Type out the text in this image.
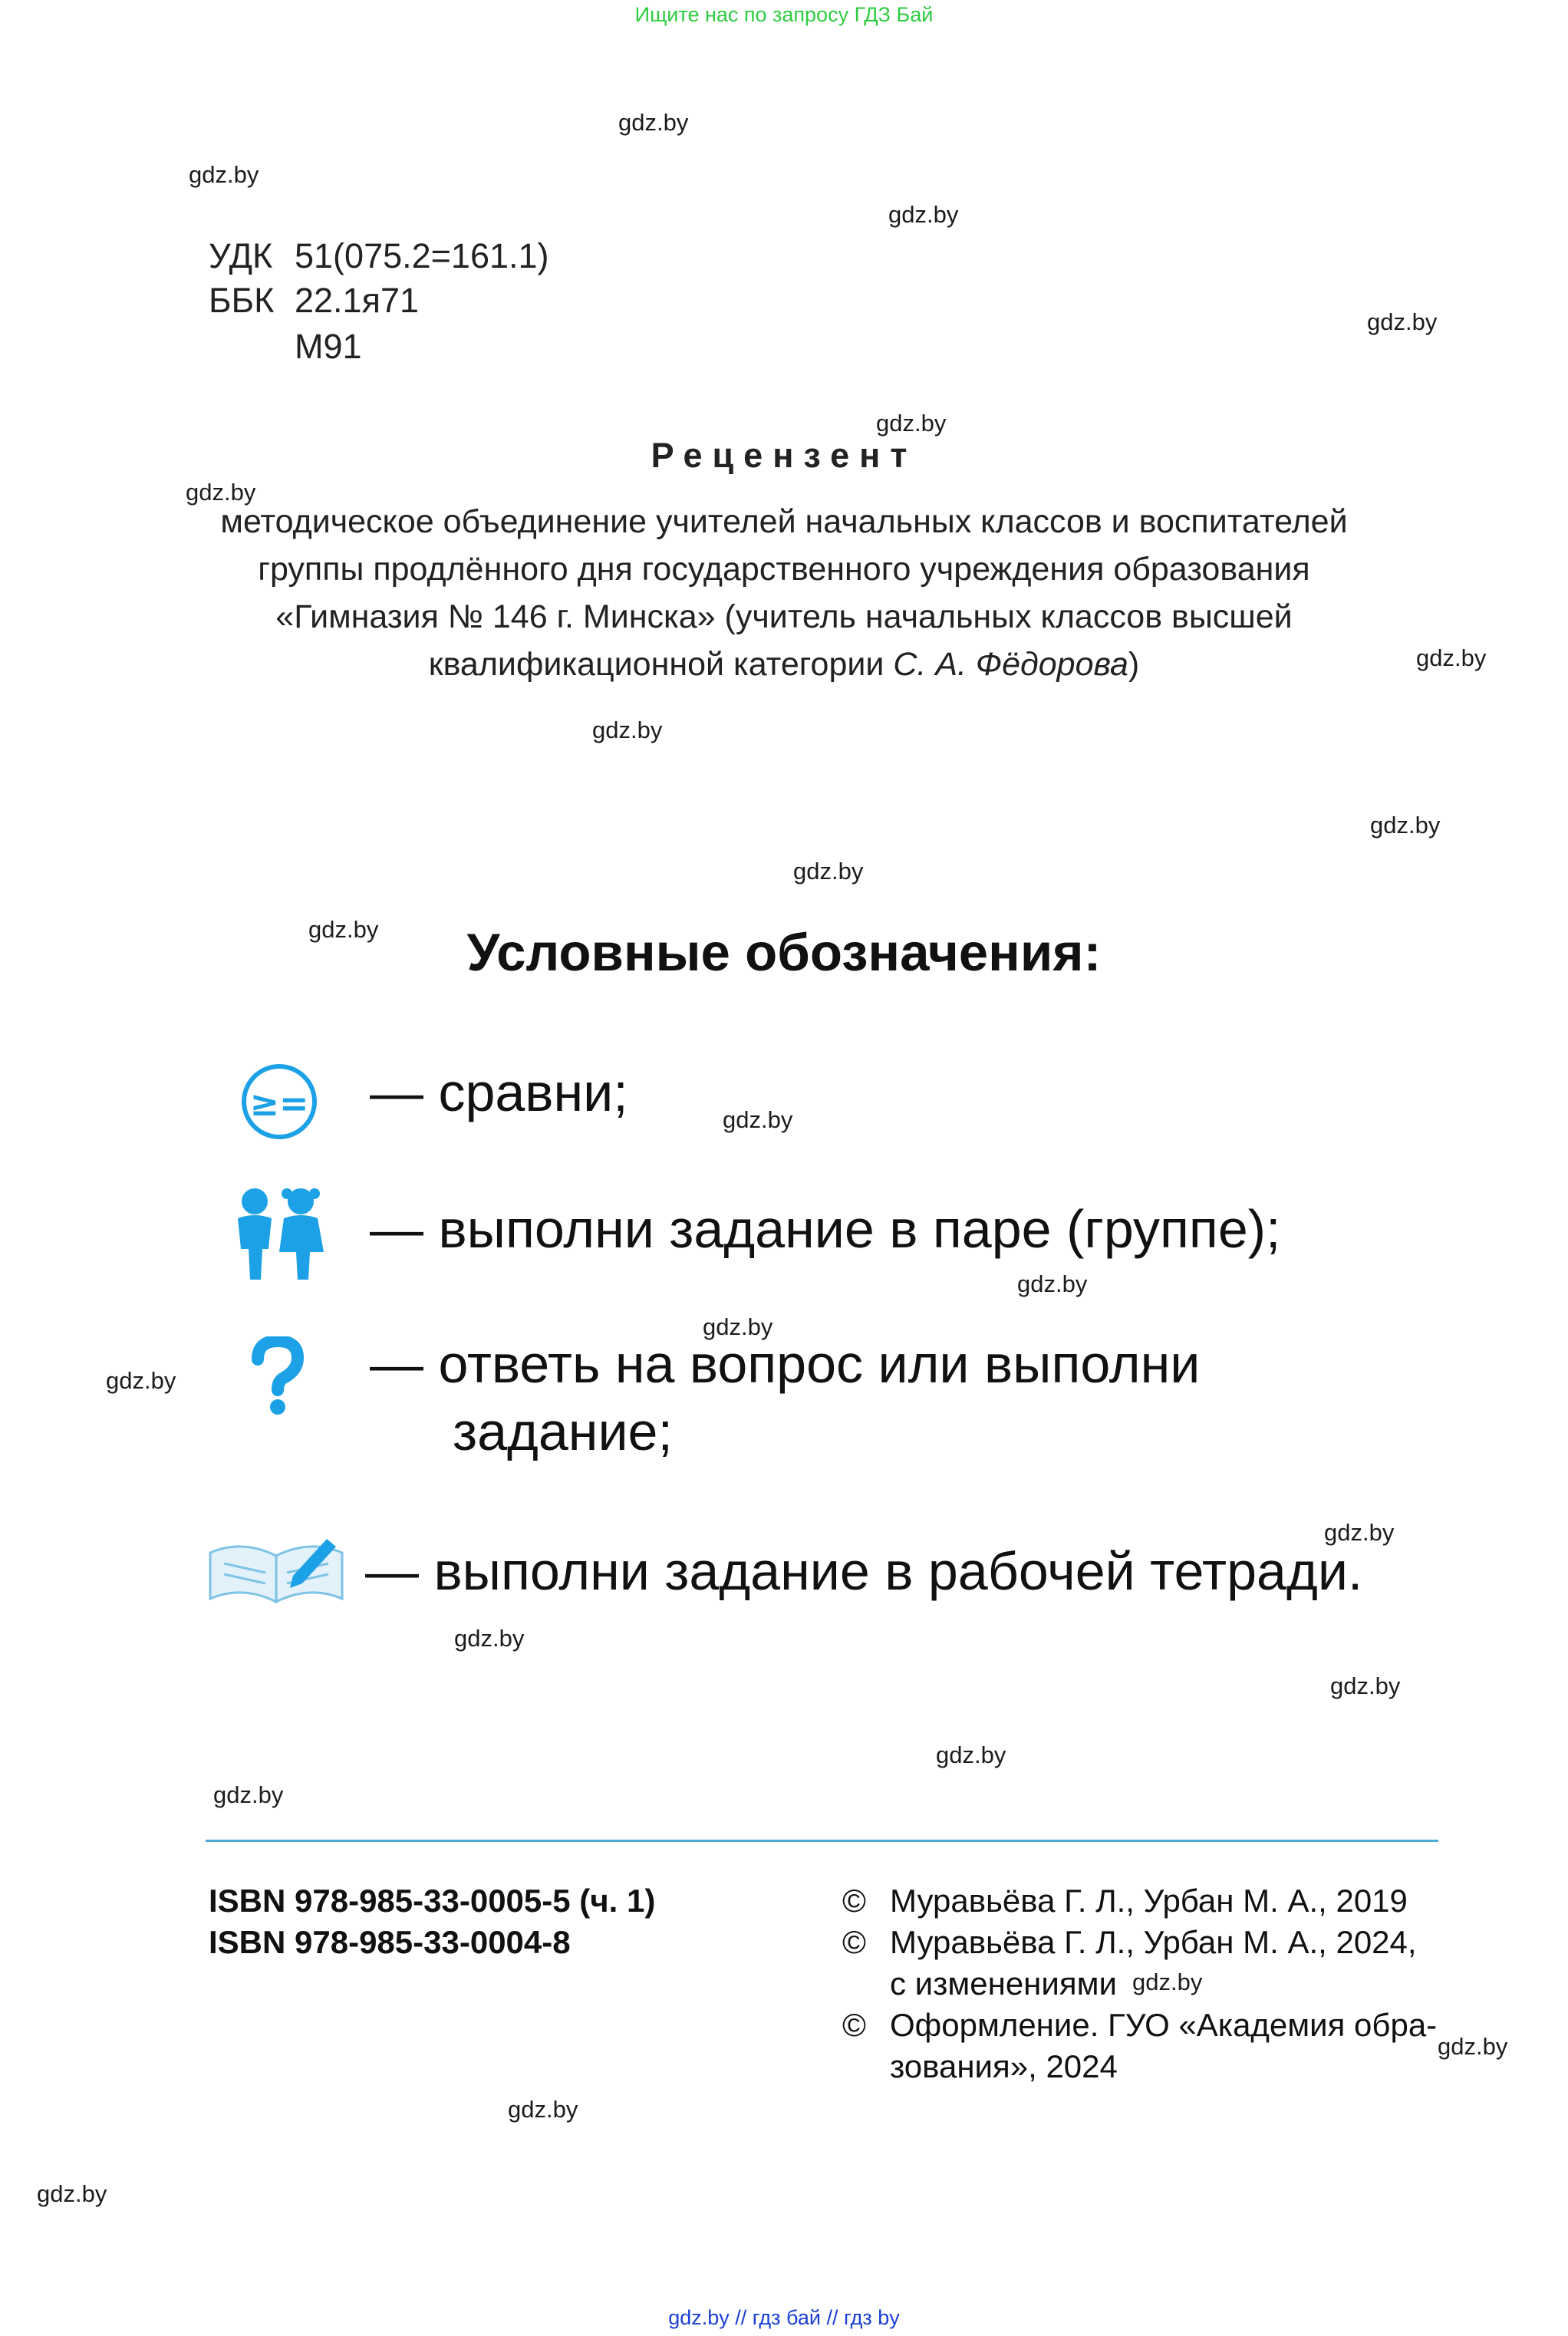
Ищите нас по запросу ГДЗ Бай
gdz.by
gdz.by
gdz.by
gdz.by
gdz.by
gdz.by
gdz.by
gdz.by
gdz.by
gdz.by
gdz.by
gdz.by
gdz.by
gdz.by
gdz.by
gdz.by
gdz.by
gdz.by
gdz.by
gdz.by
gdz.by
gdz.by
gdz.by
gdz.by
УДК 51(075.2=161.1)
ББК 22.1я71
М91
Рецензент
методическое объединение учителей начальных классов и воспитателей
группы продлённого дня государственного учреждения образования
«Гимназия № 146 г. Минска» (учитель начальных классов высшей
квалификационной категории С. А. Фёдорова)
Условные обозначения:
≥= — сравни;
— выполни задание в паре (группе);
— ответь на вопрос или выполни
задание;
— выполни задание в рабочей тетради.
ISBN 978-985-33-0005-5 (ч. 1)
ISBN 978-985-33-0004-8
© Муравьёва Г. Л., Урбан М. А., 2019
© Муравьёва Г. Л., Урбан М. А., 2024,
с изменениями
© Оформление. ГУО «Академия обра-
зования», 2024
gdz.by // гдз бай // гдз by
